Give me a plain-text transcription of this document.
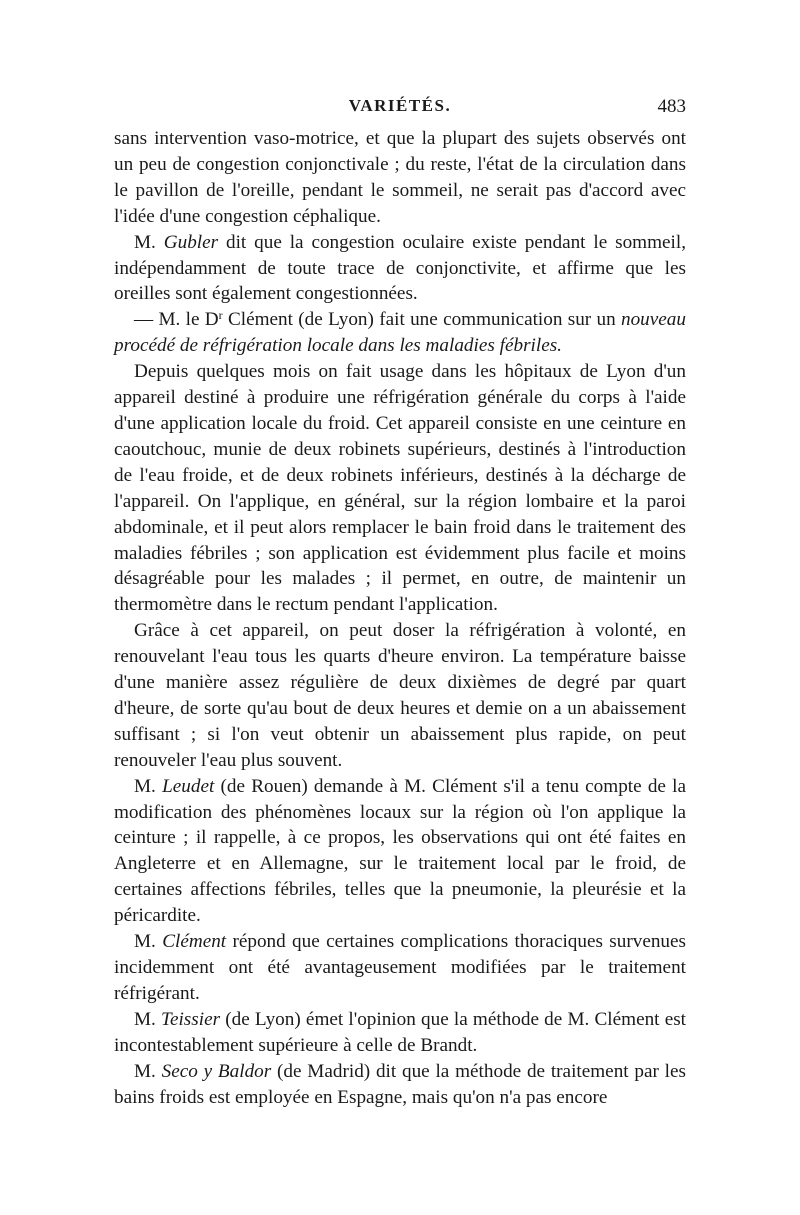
VARIÉTÉS.	483

sans intervention vaso-motrice, et que la plupart des sujets observés ont un peu de congestion conjonctivale ; du reste, l'état de la circulation dans le pavillon de l'oreille, pendant le sommeil, ne serait pas d'accord avec l'idée d'une congestion céphalique.

M. Gubler dit que la congestion oculaire existe pendant le sommeil, indépendamment de toute trace de conjonctivite, et affirme que les oreilles sont également congestionnées.

— M. le $D^r$ Clément (de Lyon) fait une communication sur un nouveau procédé de réfrigération locale dans les maladies fébriles.

Depuis quelques mois on fait usage dans les hôpitaux de Lyon d'un appareil destiné à produire une réfrigération générale du corps à l'aide d'une application locale du froid. Cet appareil consiste en une ceinture en caoutchouc, munie de deux robinets supérieurs, destinés à l'introduction de l'eau froide, et de deux robinets inférieurs, destinés à la décharge de l'appareil. On l'applique, en général, sur la région lombaire et la paroi abdominale, et il peut alors remplacer le bain froid dans le traitement des maladies fébriles ; son application est évidemment plus facile et moins désagréable pour les malades ; il permet, en outre, de maintenir un thermomètre dans le rectum pendant l'application.

Grâce à cet appareil, on peut doser la réfrigération à volonté, en renouvelant l'eau tous les quarts d'heure environ. La température baisse d'une manière assez régulière de deux dixièmes de degré par quart d'heure, de sorte qu'au bout de deux heures et demie on a un abaissement suffisant ; si l'on veut obtenir un abaissement plus rapide, on peut renouveler l'eau plus souvent.

M. Leudet (de Rouen) demande à M. Clément s'il a tenu compte de la modification des phénomènes locaux sur la région où l'on applique la ceinture ; il rappelle, à ce propos, les observations qui ont été faites en Angleterre et en Allemagne, sur le traitement local par le froid, de certaines affections fébriles, telles que la pneumonie, la pleurésie et la péricardite.

M. Clément répond que certaines complications thoraciques survenues incidemment ont été avantageusement modifiées par le traitement réfrigérant.

M. Teissier (de Lyon) émet l'opinion que la méthode de M. Clément est incontestablement supérieure à celle de Brandt.

M. Seco y Baldor (de Madrid) dit que la méthode de traitement par les bains froids est employée en Espagne, mais qu'on n'a pas encore
